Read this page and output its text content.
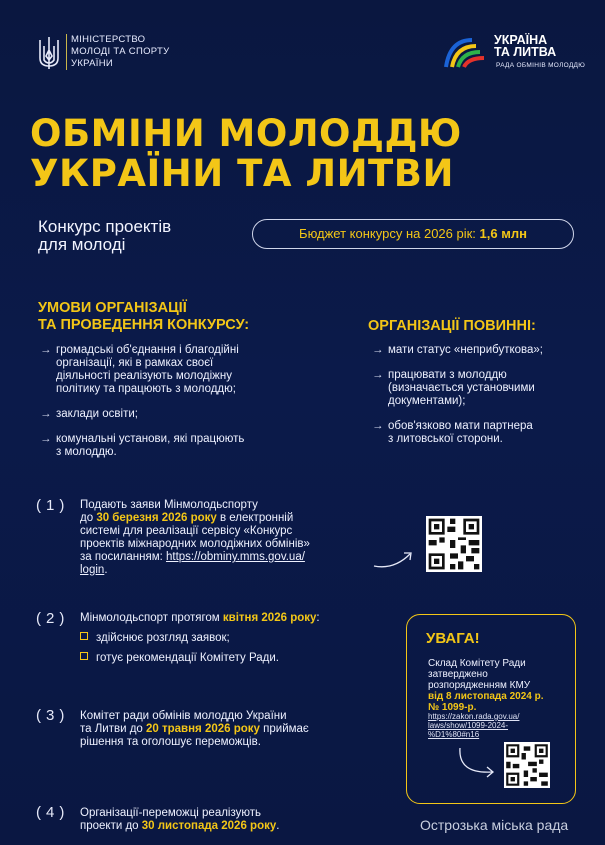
МІНІСТЕРСТВО
МОЛОДІ ТА СПОРТУ
УКРАЇНИ
УКРАЇНА
ТА ЛИТВА
РАДА ОБМІНІВ МОЛОДДЮ
ОБМІНИ МОЛОДДЮ
УКРАЇНИ ТА ЛИТВИ
Конкурс проектів
для молоді
Бюджет конкурсу на 2026 рік: 1,6 млн
УМОВИ ОРГАНІЗАЦІЇ
ТА ПРОВЕДЕННЯ КОНКУРСУ:
→ громадські об'єднання і благодійні
організації, які в рамках своєї
діяльності реалізують молодіжну
політику та працюють з молоддю;
→ заклади освіти;
→ комунальні установи, які працюють
з молоддю.
ОРГАНІЗАЦІЇ ПОВИННІ:
→ мати статус «неприбуткова»;
→ працювати з молоддю
(визначається установчими
документами);
→ обов'язково мати партнера
з литовської сторони.
(1) Подають заяви Мінмолодьспорту
до 30 березня 2026 року в електронній
системі для реалізації сервісу «Конкурс
проектів міжнародних молодіжних обмінів»
за посиланням: https://obminy.mms.gov.ua/
login.
(2) Мінмолодьспорт протягом квітня 2026 року:
здійснює розгляд заявок;
готує рекомендації Комітету Ради.
(3) Комітет ради обмінів молоддю України
та Литви до 20 травня 2026 року приймає
рішення та оголошує переможців.
(4) Організації-переможці реалізують
проекти до 30 листопада 2026 року.
УВАГА!
Склад Комітету Ради
затверджено
розпорядженням КМУ
від 8 листопада 2024 р.
№ 1099-р.
https://zakon.rada.gov.ua/
laws/show/1099-2024-
%D1%80#n16
Острозька міська рада
